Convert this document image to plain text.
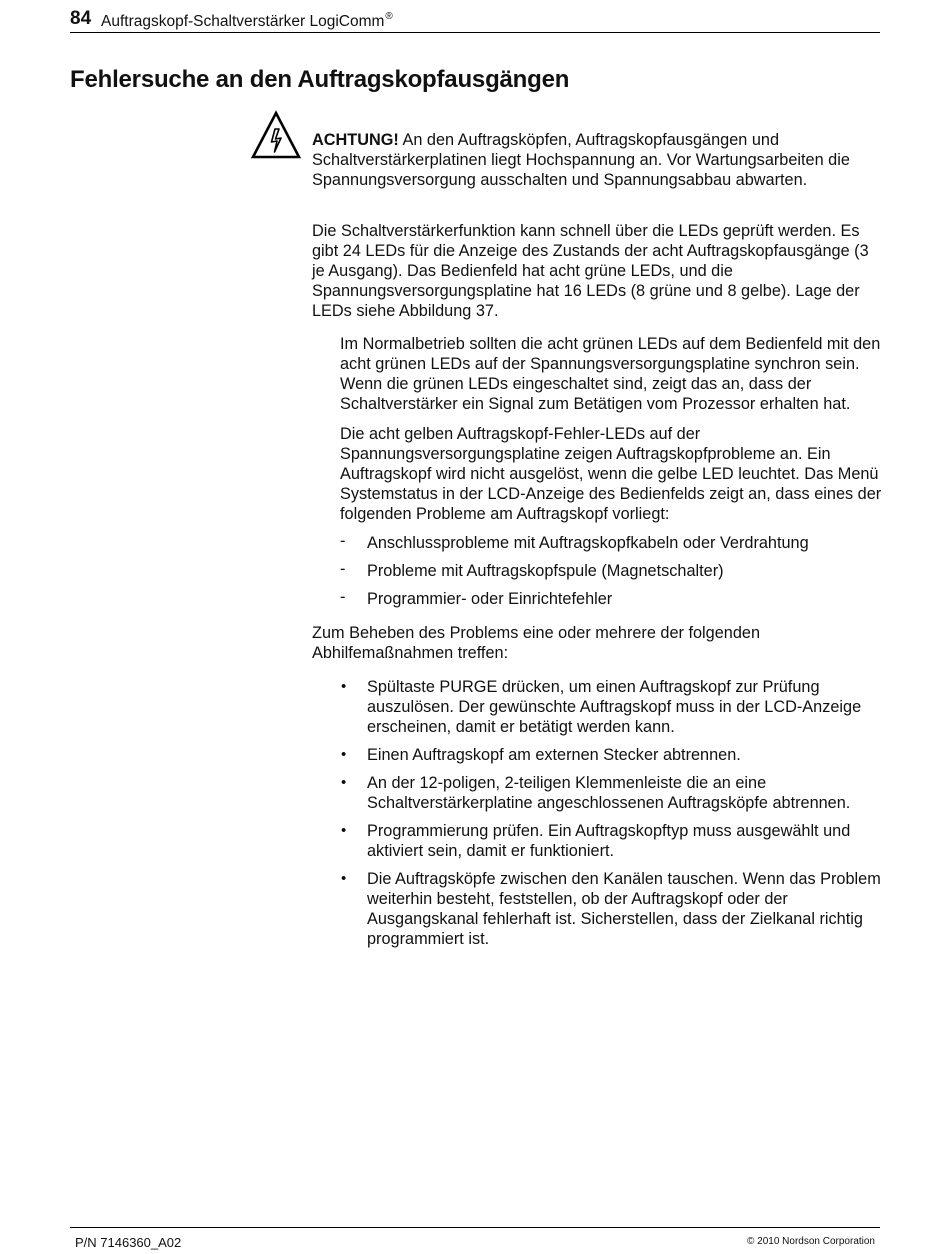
84 Auftragskopf-Schaltverstärker LogiComm®
Fehlersuche an den Auftragskopfausgängen
ACHTUNG! An den Auftragsköpfen, Auftragskopfausgängen und Schaltverstärkerplatinen liegt Hochspannung an. Vor Wartungsarbeiten die Spannungsversorgung ausschalten und Spannungsabbau abwarten.
Die Schaltverstärkerfunktion kann schnell über die LEDs geprüft werden. Es gibt 24 LEDs für die Anzeige des Zustands der acht Auftragskopfausgänge (3 je Ausgang). Das Bedienfeld hat acht grüne LEDs, und die Spannungsversorgungsplatine hat 16 LEDs (8 grüne und 8 gelbe). Lage der LEDs siehe Abbildung 37.
Im Normalbetrieb sollten die acht grünen LEDs auf dem Bedienfeld mit den acht grünen LEDs auf der Spannungsversorgungsplatine synchron sein. Wenn die grünen LEDs eingeschaltet sind, zeigt das an, dass der Schaltverstärker ein Signal zum Betätigen vom Prozessor erhalten hat.
Die acht gelben Auftragskopf-Fehler-LEDs auf der Spannungsversorgungsplatine zeigen Auftragskopfprobleme an. Ein Auftragskopf wird nicht ausgelöst, wenn die gelbe LED leuchtet. Das Menü Systemstatus in der LCD-Anzeige des Bedienfelds zeigt an, dass eines der folgenden Probleme am Auftragskopf vorliegt:
- Anschlussprobleme mit Auftragskopfkabeln oder Verdrahtung
- Probleme mit Auftragskopfspule (Magnetschalter)
- Programmier- oder Einrichtefehler
Zum Beheben des Problems eine oder mehrere der folgenden Abhilfemaßnahmen treffen:
• Spültaste PURGE drücken, um einen Auftragskopf zur Prüfung auszulösen. Der gewünschte Auftragskopf muss in der LCD-Anzeige erscheinen, damit er betätigt werden kann.
• Einen Auftragskopf am externen Stecker abtrennen.
• An der 12-poligen, 2-teiligen Klemmenleiste die an eine Schaltverstärkerplatine angeschlossenen Auftragsköpfe abtrennen.
• Programmierung prüfen. Ein Auftragskopftyp muss ausgewählt und aktiviert sein, damit er funktioniert.
• Die Auftragsköpfe zwischen den Kanälen tauschen. Wenn das Problem weiterhin besteht, feststellen, ob der Auftragskopf oder der Ausgangskanal fehlerhaft ist. Sicherstellen, dass der Zielkanal richtig programmiert ist.
P/N 7146360_A02	© 2010 Nordson Corporation
